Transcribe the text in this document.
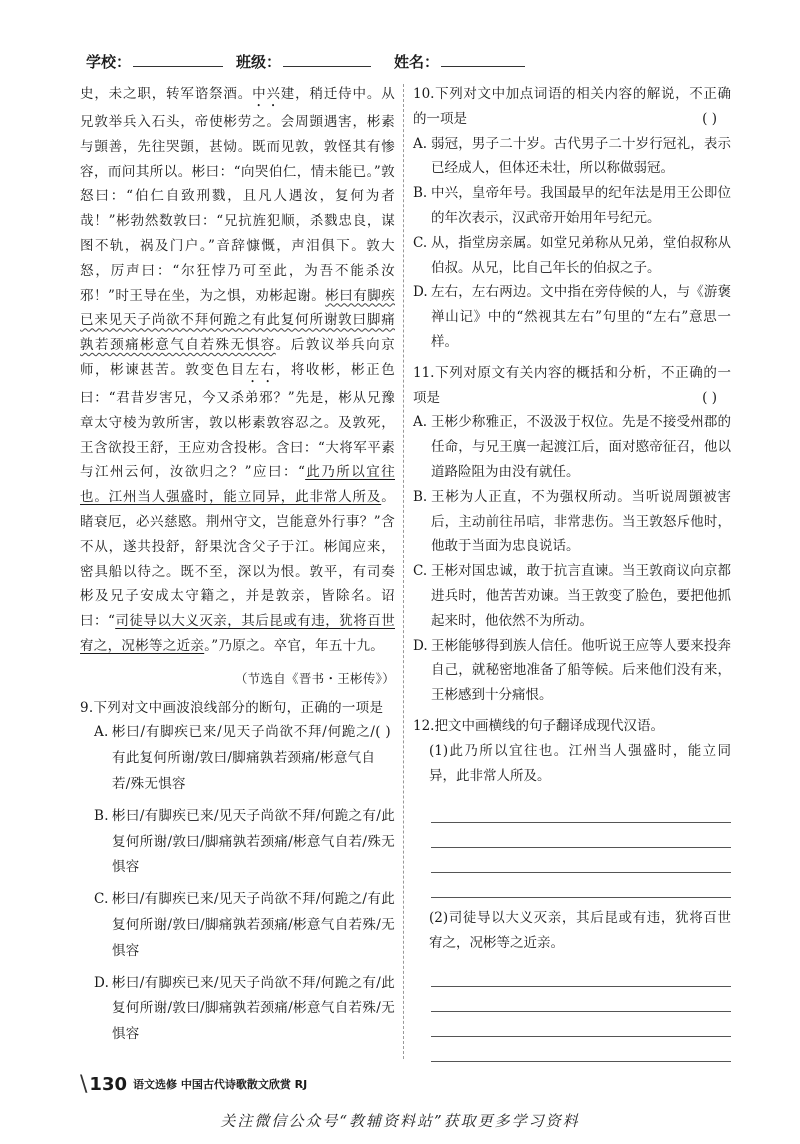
学校：	班级：	姓名：

史，未之职，转军谘祭酒。中兴建，稍迁侍中。从兄敦举兵入石头，帝使彬劳之。会周顗遇害，彬素与顗善，先往哭顗，甚恸。既而见敦，敦怪其有惨容，而问其所以。彬曰：“向哭伯仁，情未能已。”敦怒曰：“伯仁自致刑戮，且凡人遇汝，复何为者哉！”彬勃然数敦曰：“兄抗旌犯顺，杀戮忠良，谋图不轨，祸及门户。”音辞慷慨，声泪俱下。敦大怒，厉声曰：“尔狂悖乃可至此，为吾不能杀汝邪！”时王导在坐，为之惧，劝彬起谢。彬曰有脚疾已来见天子尚欲不拜何跪之有此复何所谢敦曰脚痛孰若颈痛彬意气自若殊无惧容。后敦议举兵向京师，彬谏甚苦。敦变色目左右，将收彬，彬正色曰：“君昔岁害兄，今又杀弟邪？”先是，彬从兄豫章太守棱为敦所害，敦以彬素敦容忍之。及敦死，王含欲投王舒，王应劝含投彬。含曰：“大将军平素与江州云何，汝欲归之？”应曰：“此乃所以宜往也。江州当人强盛时，能立同异，此非常人所及。睹衰厄，必兴慈愍。荆州守文，岂能意外行事？”含不从，遂共投舒，舒果沈含父子于江。彬闻应来，密具船以待之。既不至，深以为恨。敦平，有司奏彬及兄子安成太守籍之，并是敦亲，皆除名。诏曰：“司徒导以大义灭亲，其后昆或有违，犹将百世宥之，况彬等之近亲。”乃原之。卒官，年五十九。

（节选自《晋书・王彬传》）
9.下列对文中画波浪线部分的断句，正确的一项是
( )
A. 彬曰/有脚疾已来/见天子尚欲不拜/何跪之/有此复何所谢/敦曰/脚痛孰若颈痛/彬意气自若/殊无惧容
B. 彬曰/有脚疾已来/见天子尚欲不拜/何跪之有/此复何所谢/敦曰/脚痛孰若颈痛/彬意气自若/殊无惧容
C. 彬曰/有脚疾已来/见天子尚欲不拜/何跪之/有此复何所谢/敦曰/脚痛孰若颈痛/彬意气自若殊/无惧容
D. 彬曰/有脚疾已来/见天子尚欲不拜/何跪之有/此复何所谢/敦曰/脚痛孰若颈痛/彬意气自若殊/无惧容
10.下列对文中加点词语的相关内容的解说，不正确的一项是	( )
A. 弱冠，男子二十岁。古代男子二十岁行冠礼，表示已经成人，但体还未壮，所以称做弱冠。
B. 中兴，皇帝年号。我国最早的纪年法是用王公即位的年次表示，汉武帝开始用年号纪元。
C. 从，指堂房亲属。如堂兄弟称从兄弟，堂伯叔称从伯叔。从兄，比自己年长的伯叔之子。
D. 左右，左右两边。文中指在旁侍候的人，与《游褒禅山记》中的“然视其左右”句里的“左右”意思一样。
11.下列对原文有关内容的概括和分析，不正确的一项是	( )
A. 王彬少称雅正，不汲汲于权位。先是不接受州郡的任命，与兄王廙一起渡江后，面对愍帝征召，他以道路险阻为由没有就任。
B. 王彬为人正直，不为强权所动。当听说周顗被害后，主动前往吊唁，非常悲伤。当王敦怒斥他时，他敢于当面为忠良说话。
C. 王彬对国忠诚，敢于抗言直谏。当王敦商议向京都进兵时，他苦苦劝谏。当王敦变了脸色，要把他抓起来时，他依然不为所动。
D. 王彬能够得到族人信任。他听说王应等人要来投奔自己，就秘密地准备了船等候。后来他们没有来，王彬感到十分痛恨。
12.把文中画横线的句子翻译成现代汉语。

(1)此乃所以宜往也。江州当人强盛时，能立同异，此非常人所及。

(2)司徒导以大义灭亲，其后昆或有违，犹将百世宥之，况彬等之近亲。

\ 130 语文选修 中国古代诗歌散文欣赏 RJ
关注微信公众号“教辅资料站”获取更多学习资料
